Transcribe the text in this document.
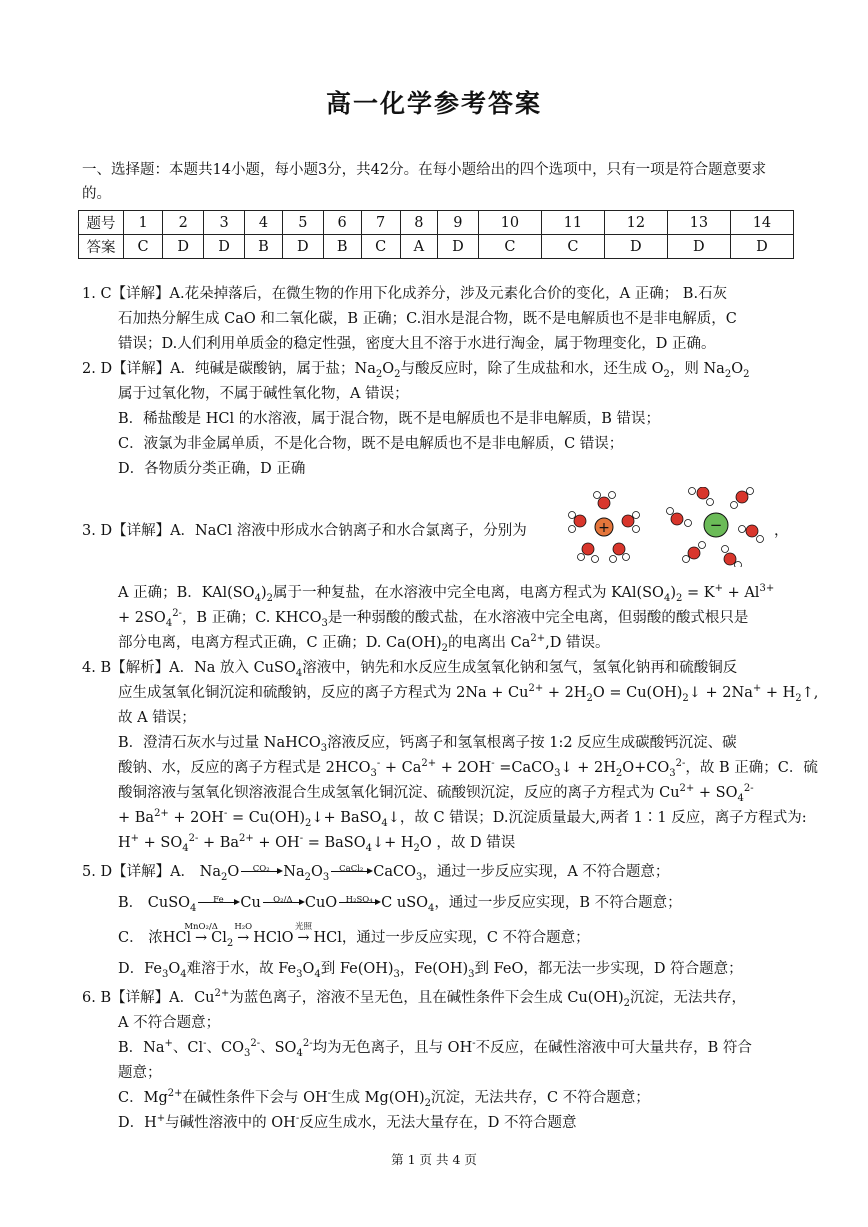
高一化学参考答案
一、选择题：本题共14小题，每小题3分，共42分。在每小题给出的四个选项中，只有一项是符合题意要求的。
题号	1	2	3	4	5	6	7	8	9	10	11	12	13	14
答案	C	D	D	B	D	B	C	A	D	C	C	D	D	D
1. C【详解】A.花朵掉落后，在微生物的作用下化成养分，涉及元素化合价的变化，A 正确； B.石灰
石加热分解生成 CaO 和二氧化碳，B 正确；C.泪水是混合物，既不是电解质也不是非电解质，C
错误；D.人们利用单质金的稳定性强，密度大且不溶于水进行淘金，属于物理变化，D 正确。
2. D【详解】A．纯碱是碳酸钠，属于盐；$Na_2O_2$与酸反应时，除了生成盐和水，还生成 $O_2$，则 $Na_2O_2$
属于过氧化物，不属于碱性氧化物，A 错误；
B．稀盐酸是 HCl 的水溶液，属于混合物，既不是电解质也不是非电解质，B 错误；
C．液氯为非金属单质，不是化合物，既不是电解质也不是非电解质，C 错误；
D．各物质分类正确，D 正确
3. D【详解】A．NaCl 溶液中形成水合钠离子和水合氯离子，分别为	，
+	−
A 正确；B．$KAl(SO_4)_2$属于一种复盐，在水溶液中完全电离，电离方程式为 $KAl(SO_4)_2 = K^+ + Al^{3+}$
+ $2SO_4^{2-}$，B 正确；C. $KHCO_3$是一种弱酸的酸式盐，在水溶液中完全电离，但弱酸的酸式根只是
部分电离，电离方程式正确，C 正确；D. $Ca(OH)_2$的电离出 $Ca^{2+},D$ 错误。
4. B【解析】A．Na 放入 CuSO$_4$溶液中，钠先和水反应生成氢氧化钠和氢气，氢氧化钠再和硫酸铜反
应生成氢氧化铜沉淀和硫酸钠，反应的离子方程式为 $2Na + Cu^{2+} + 2H_2O$ = $Cu(OH)_2↓ + 2Na^+$ + $H_2↑$,
故 A 错误；
B．澄清石灰水与过量 NaHCO$_3$溶液反应，钙离子和氢氧根离子按 1:2 反应生成碳酸钙沉淀、碳
酸钠、水，反应的离子方程式是 $2HCO_3^- + Ca^{2+} + 2OH^-$ =CaCO$_3$↓ + $2H_2O+CO_3^{2-}$，故 B 正确；C．硫
酸铜溶液与氢氧化钡溶液混合生成氢氧化铜沉淀、硫酸钡沉淀，反应的离子方程式为 $Cu^{2+} + SO_4^{2-}$
+ $Ba^{2+} + 2OH^-$ = $Cu(OH)_2↓+$ BaSO$_4$↓，故 C 错误；D.沉淀质量最大,两者 1∶1 反应，离子方程式为:
$H^+ + SO_4^{2-} + Ba^{2+} + OH^-$ = BaSO$_4$↓+ $H_2O$ ，故 D 错误
5. D【详解】A． $Na_2O$	CO₂ $Na_2O_3$
CaCl₂ CaCO$_3$，通过一步反应实现，A 不符合题意；
B． CuSO$_4$
Fe	Cu	O₂/Δ CuO H₂SO₄ C uSO$_4$，通过一步反应实现，B 不符合题意；
C． 浓HCl
MnO₂/Δ
→ $Cl_2$
H₂O
→ HClO
光照
→ HCl，通过一步反应实现，C 不符合题意；
D．$Fe_3O_4$难溶于水，故 $Fe_3O_4$到 $Fe(OH)_3$，$Fe(OH)_3$到 FeO，都无法一步实现，D 符合题意；
6. B【详解】A．$Cu^{2+}$为蓝色离子，溶液不呈无色，且在碱性条件下会生成 $Cu(OH)_2$沉淀，无法共存，
A 不符合题意；
B．Na+、Cl-、$CO_3^{2-}$、$SO_4^{2-}$均为无色离子，且与 OH-不反应，在碱性溶液中可大量共存，B 符合
题意；
C．$Mg^{2+}$在碱性条件下会与 OH-生成 $Mg(OH)_2$沉淀，无法共存，C 不符合题意；
D．H+与碱性溶液中的 OH-反应生成水，无法大量存在，D 不符合题意
第 1 页 共 4 页
